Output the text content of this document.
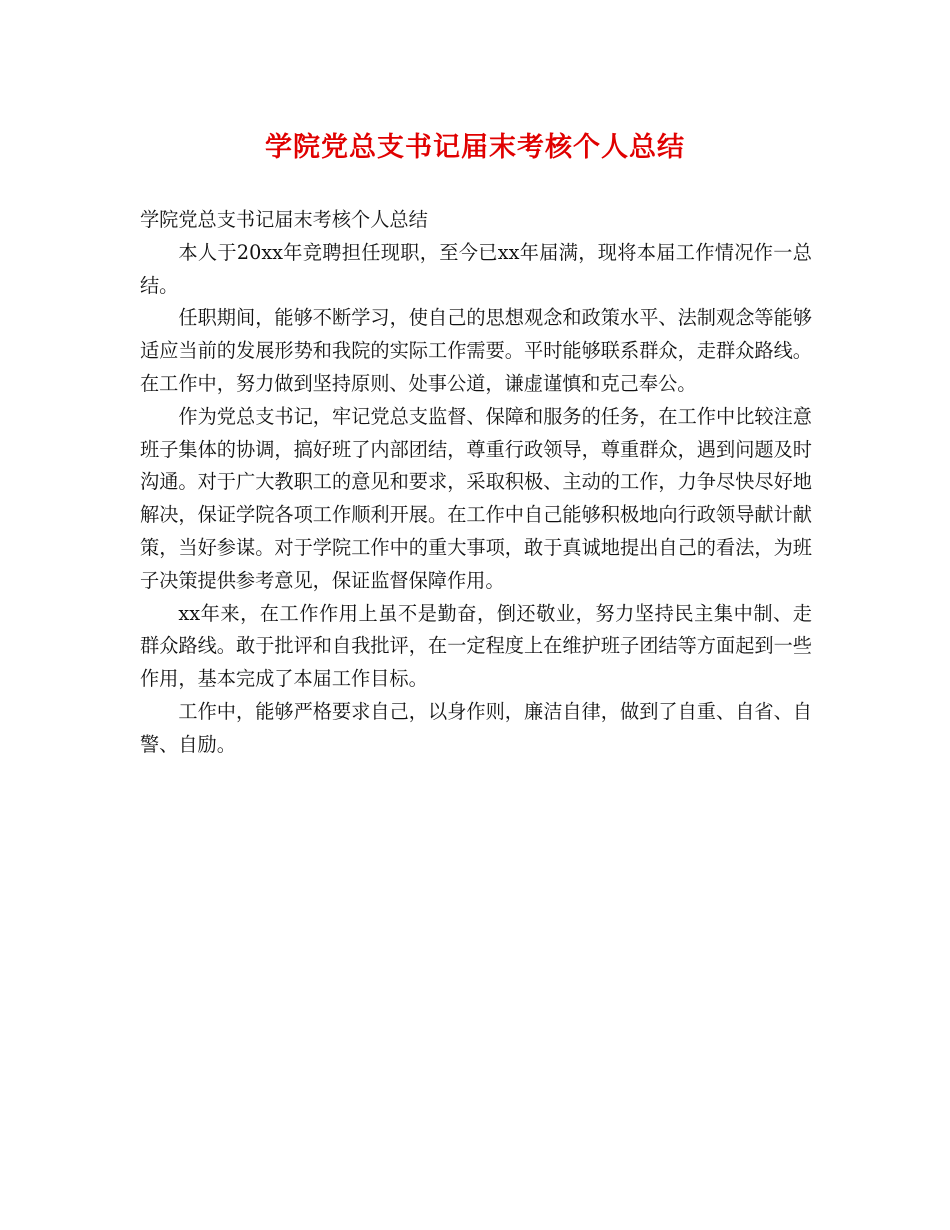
学院党总支书记届末考核个人总结

学院党总支书记届末考核个人总结

本人于20xx年竞聘担任现职，至今已xx年届满，现将本届工作情况作一总结。

任职期间，能够不断学习，使自己的思想观念和政策水平、法制观念等能够适应当前的发展形势和我院的实际工作需要。平时能够联系群众，走群众路线。在工作中，努力做到坚持原则、处事公道，谦虚谨慎和克己奉公。

作为党总支书记，牢记党总支监督、保障和服务的任务，在工作中比较注意班子集体的协调，搞好班了内部团结，尊重行政领导，尊重群众，遇到问题及时沟通。对于广大教职工的意见和要求，采取积极、主动的工作，力争尽快尽好地解决，保证学院各项工作顺利开展。在工作中自己能够积极地向行政领导献计献策，当好参谋。对于学院工作中的重大事项，敢于真诚地提出自己的看法，为班子决策提供参考意见，保证监督保障作用。

xx年来，在工作作用上虽不是勤奋，倒还敬业，努力坚持民主集中制、走群众路线。敢于批评和自我批评，在一定程度上在维护班子团结等方面起到一些作用，基本完成了本届工作目标。

工作中，能够严格要求自己，以身作则，廉洁自律，做到了自重、自省、自警、自励。
